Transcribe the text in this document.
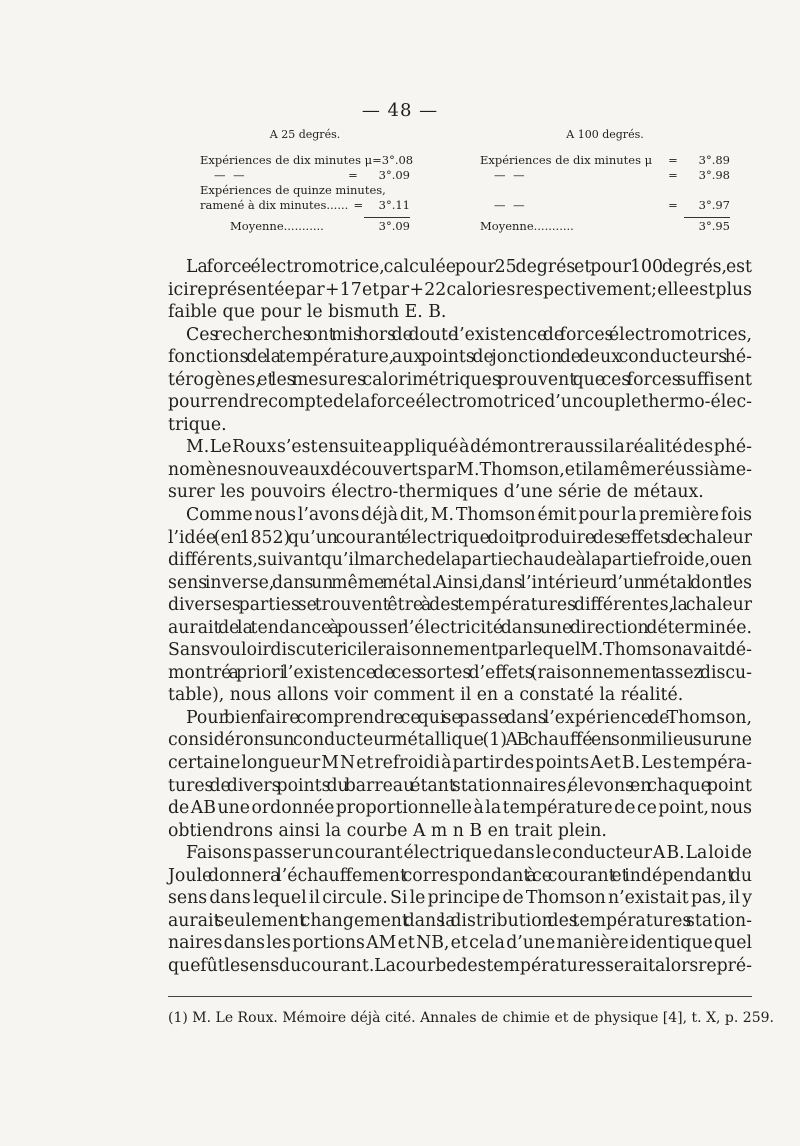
— 48 —
A 25 degrés.
Expériences de dix minutes μ = 3°.08
— —	=	3°.09
Expériences de quinze minutes,
ramené à dix minutes...... =	3°.11
Moyenne...........	3°.09
A 100 degrés.
Expériences de dix minutes μ	=	3°.89
— —	=	3°.98
— —	=	3°.97
Moyenne...........	3°.95
La force électromotrice, calculée pour 25 degrés et pour 100 degrés, est
ici représentée par + 17 et par + 22 calories respectivement; elle est plus
faible que pour le bismuth E. B.
Ces recherches ont mis hors de doute l’existence de forces électromotrices,
fonctions de la température, aux points de jonction de deux conducteurs hé-
térogènes, et les mesures calorimétriques prouvent que ces forces suffisent
pour rendre compte de la force électromotrice d’un couple thermo-élec-
trique.
M. Le Roux s’est ensuite appliqué à démontrer aussi la réalité des phé-
nomènes nouveaux découverts par M. Thomson, et il a même réussi à me-
surer les pouvoirs électro-thermiques d’une série de métaux.
Comme nous l’avons déjà dit, M. Thomson émit pour la première fois
l’idée (en 1852) qu’un courant électrique doit produire des effets de chaleur
différents, suivant qu’il marche de la partie chaude à la partie froide, ou en
sens inverse, dans un même métal. Ainsi, dans l’intérieur d’un métal dont les
diverses parties se trouvent être à des températures différentes, la chaleur
aurait de la tendance à pousser l’électricité dans une direction déterminée.
Sans vouloir discuter ici le raisonnement par lequel M. Thomson avait dé-
montré a priori l’existence de ces sortes d’effets (raisonnement assez discu-
table), nous allons voir comment il en a constaté la réalité.
Pour bien faire comprendre ce qui se passe dans l’expérience de Thomson,
considérons un conducteur métallique (1) A B chauffé en son milieu sur une
certaine longueur M N et refroidi à partir des points A et B. Les tempéra-
tures de divers points du barreau étant stationnaires, élevons en chaque point
de AB une ordonnée proportionnelle à la température de ce point, nous
obtiendrons ainsi la courbe A m n B en trait plein.
Faisons passer un courant électrique dans le conducteur A B. La loi de
Joule donnera l’échauffement correspondant à ce courant et indépendant du
sens dans lequel il circule. Si le principe de Thomson n’existait pas, il y
aurait seulement changement dans la distribution des températures station-
naires dans les portions AM et NB, et cela d’une manière identique quel
que fût le sens du courant. La courbe des températures serait alors repré-
(1) M. Le Roux. Mémoire déjà cité. Annales de chimie et de physique [4], t. X, p. 259.
